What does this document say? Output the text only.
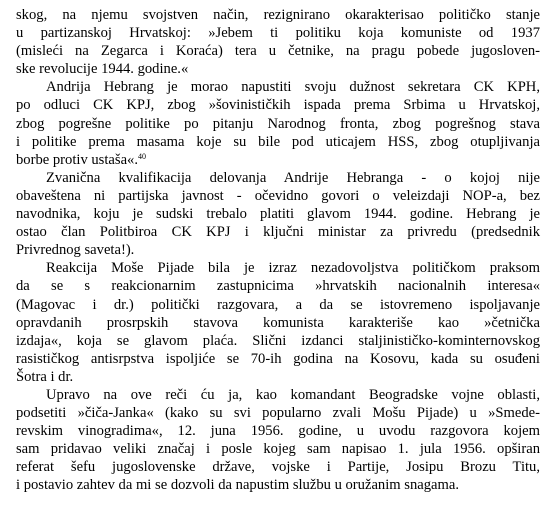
skog, na njemu svojstven način, rezignirano okarakterisao političko stanje
u partizanskoj Hrvatskoj: »Jebem ti politiku koja komuniste od 1937
(misleći na Zegarca i Koraća) tera u četnike, na pragu pobede jugosloven-
ske revolucije 1944. godine.«
Andrija Hebrang je morao napustiti svoju dužnost sekretara CK KPH,
po odluci CK KPJ, zbog »šovinističkih ispada prema Srbima u Hrvatskoj,
zbog pogrešne politike po pitanju Narodnog fronta, zbog pogrešnog stava
i politike prema masama koje su bile pod uticajem HSS, zbog otupljivanja
borbe protiv ustaša«.$^{40}$
Zvanična kvalifikacija delovanja Andrije Hebranga - o kojoj nije
obaveštena ni partijska javnost - očevidno govori o veleizdaji NOP-a, bez
navodnika, koju je sudski trebalo platiti glavom 1944. godine. Hebrang je
ostao član Politbiroa CK KPJ i ključni ministar za privredu (predsednik
Privrednog saveta!).
Reakcija Moše Pijade bila je izraz nezadovoljstva političkom praksom
da se s reakcionarnim zastupnicima »hrvatskih nacionalnih interesa«
(Magovac i dr.) politički razgovara, a da se istovremeno ispoljavanje
opravdanih prosrpskih stavova komunista karakteriše kao »četnička
izdaja«, koja se glavom plaća. Slični izdanci staljinističko-kominternovskog
rasističkog antisrpstva ispoljiće se 70-ih godina na Kosovu, kada su osuđeni
Šotra i dr.
Upravo na ove reči ću ja, kao komandant Beogradske vojne oblasti,
podsetiti »čiča-Janka« (kako su svi popularno zvali Mošu Pijade) u »Smede-
revskim vinogradima«, 12. juna 1956. godine, u uvodu razgovora kojem
sam pridavao veliki značaj i posle kojeg sam napisao 1. jula 1956. opširan
referat šefu jugoslovenske države, vojske i Partije, Josipu Brozu Titu,
i postavio zahtev da mi se dozvoli da napustim službu u oružanim snagama.
